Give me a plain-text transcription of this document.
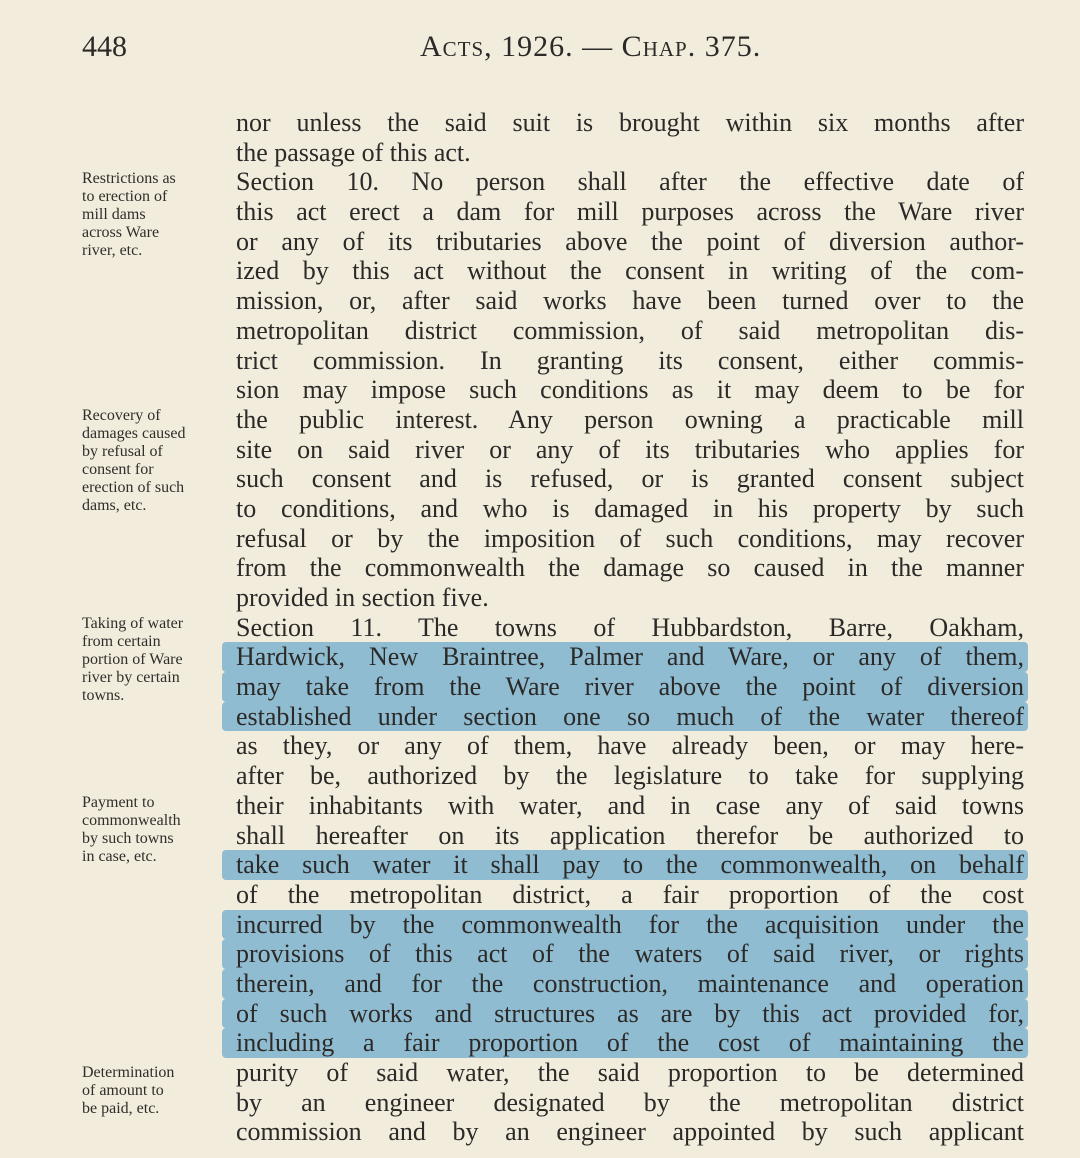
448	Acts, 1926. — Chap. 375.
Restrictions as
to erection of
mill dams
across Ware
river, etc.
Recovery of
damages caused
by refusal of
consent for
erection of such
dams, etc.
Taking of water
from certain
portion of Ware
river by certain
towns.
Payment to
commonwealth
by such towns
in case, etc.
Determination
of amount to
be paid, etc.
nor unless the said suit is brought within six months after
the passage of this act.
Section 10. No person shall after the effective date of
this act erect a dam for mill purposes across the Ware river
or any of its tributaries above the point of diversion author-
ized by this act without the consent in writing of the com-
mission, or, after said works have been turned over to the
metropolitan district commission, of said metropolitan dis-
trict commission. In granting its consent, either commis-
sion may impose such conditions as it may deem to be for
the public interest. Any person owning a practicable mill
site on said river or any of its tributaries who applies for
such consent and is refused, or is granted consent subject
to conditions, and who is damaged in his property by such
refusal or by the imposition of such conditions, may recover
from the commonwealth the damage so caused in the manner
provided in section five.
Section 11. The towns of Hubbardston, Barre, Oakham,
Hardwick, New Braintree, Palmer and Ware, or any of them,
may take from the Ware river above the point of diversion
established under section one so much of the water thereof
as they, or any of them, have already been, or may here-
after be, authorized by the legislature to take for supplying
their inhabitants with water, and in case any of said towns
shall hereafter on its application therefor be authorized to
take such water it shall pay to the commonwealth, on behalf
of the metropolitan district, a fair proportion of the cost
incurred by the commonwealth for the acquisition under the
provisions of this act of the waters of said river, or rights
therein, and for the construction, maintenance and operation
of such works and structures as are by this act provided for,
including a fair proportion of the cost of maintaining the
purity of said water, the said proportion to be determined
by an engineer designated by the metropolitan district
commission and by an engineer appointed by such applicant
